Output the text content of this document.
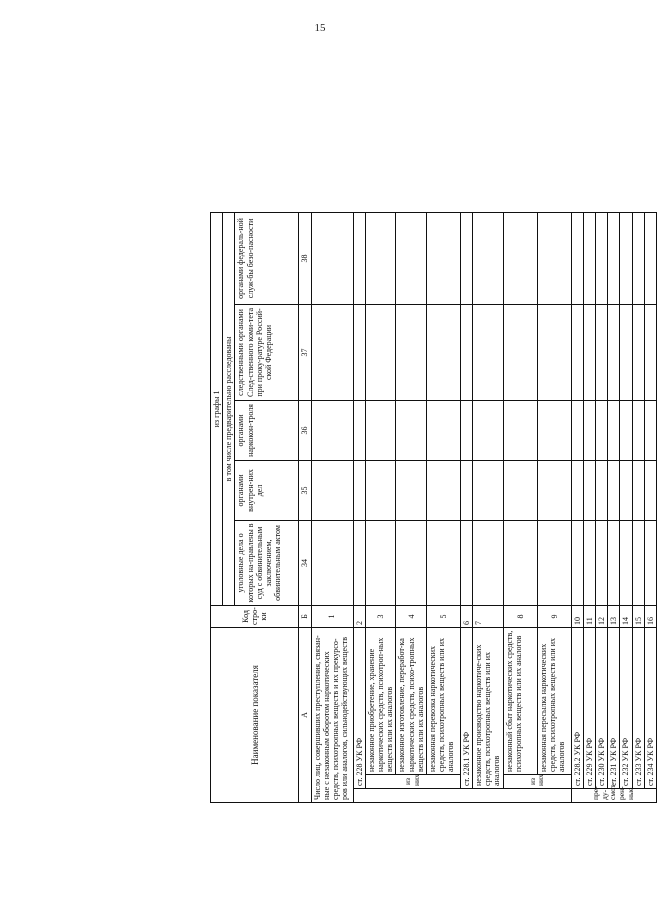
15
Наименование показателя			Код стро-ки	из графы 1				
				в том числе предварительно расследованы				
				уголовные дела о которых на-правлены в суд с обвинительным заключением, обвинительным актом	органами внутрен-них дел	органами наркокон-троля	следственными органами След-ственного коми-тета при проку-ратуре Россий-ской Федерации	органами федераль-ной служ-бы безо-пасности
А			Б	34	35	36	37	38
Число лиц, совершивших преступления, связан-ные с незаконным оборотом наркотических средств, психотропных веществ и их прекурсо-ров или аналогов, сильнодействующих веществ			1					
	ст. 228 УК РФ		2					
	из них	незаконное приобретение, хранение наркотических средств, психотроп-ных веществ или их аналогов	3					
		незаконное изготовление, переработ-ка наркотических средств, психо-тропных веществ или их аналогов	4					
		незаконная перевозка наркотических средств, психотропных веществ или их аналогов	5					
	ст. 228.1 УК РФ		6					
	незаконное производство наркотиче-ских средств, психотропных веществ или их аналогов		7					
	из них	незаконный сбыт наркотических средств, психотропных веществ или их аналогов	8					
		незаконная пересылка наркотических средств, психотропных веществ или их аналогов	9					
пре-ду-смот-рен-ные	ст. 228.2 УК РФ		10					
	ст. 229 УК РФ		11					
	ст. 230 УК РФ		12					
	ст. 231 УК РФ		13					
	ст. 232 УК РФ		14					
	ст. 233 УК РФ		15					
	ст. 234 УК РФ		16					
